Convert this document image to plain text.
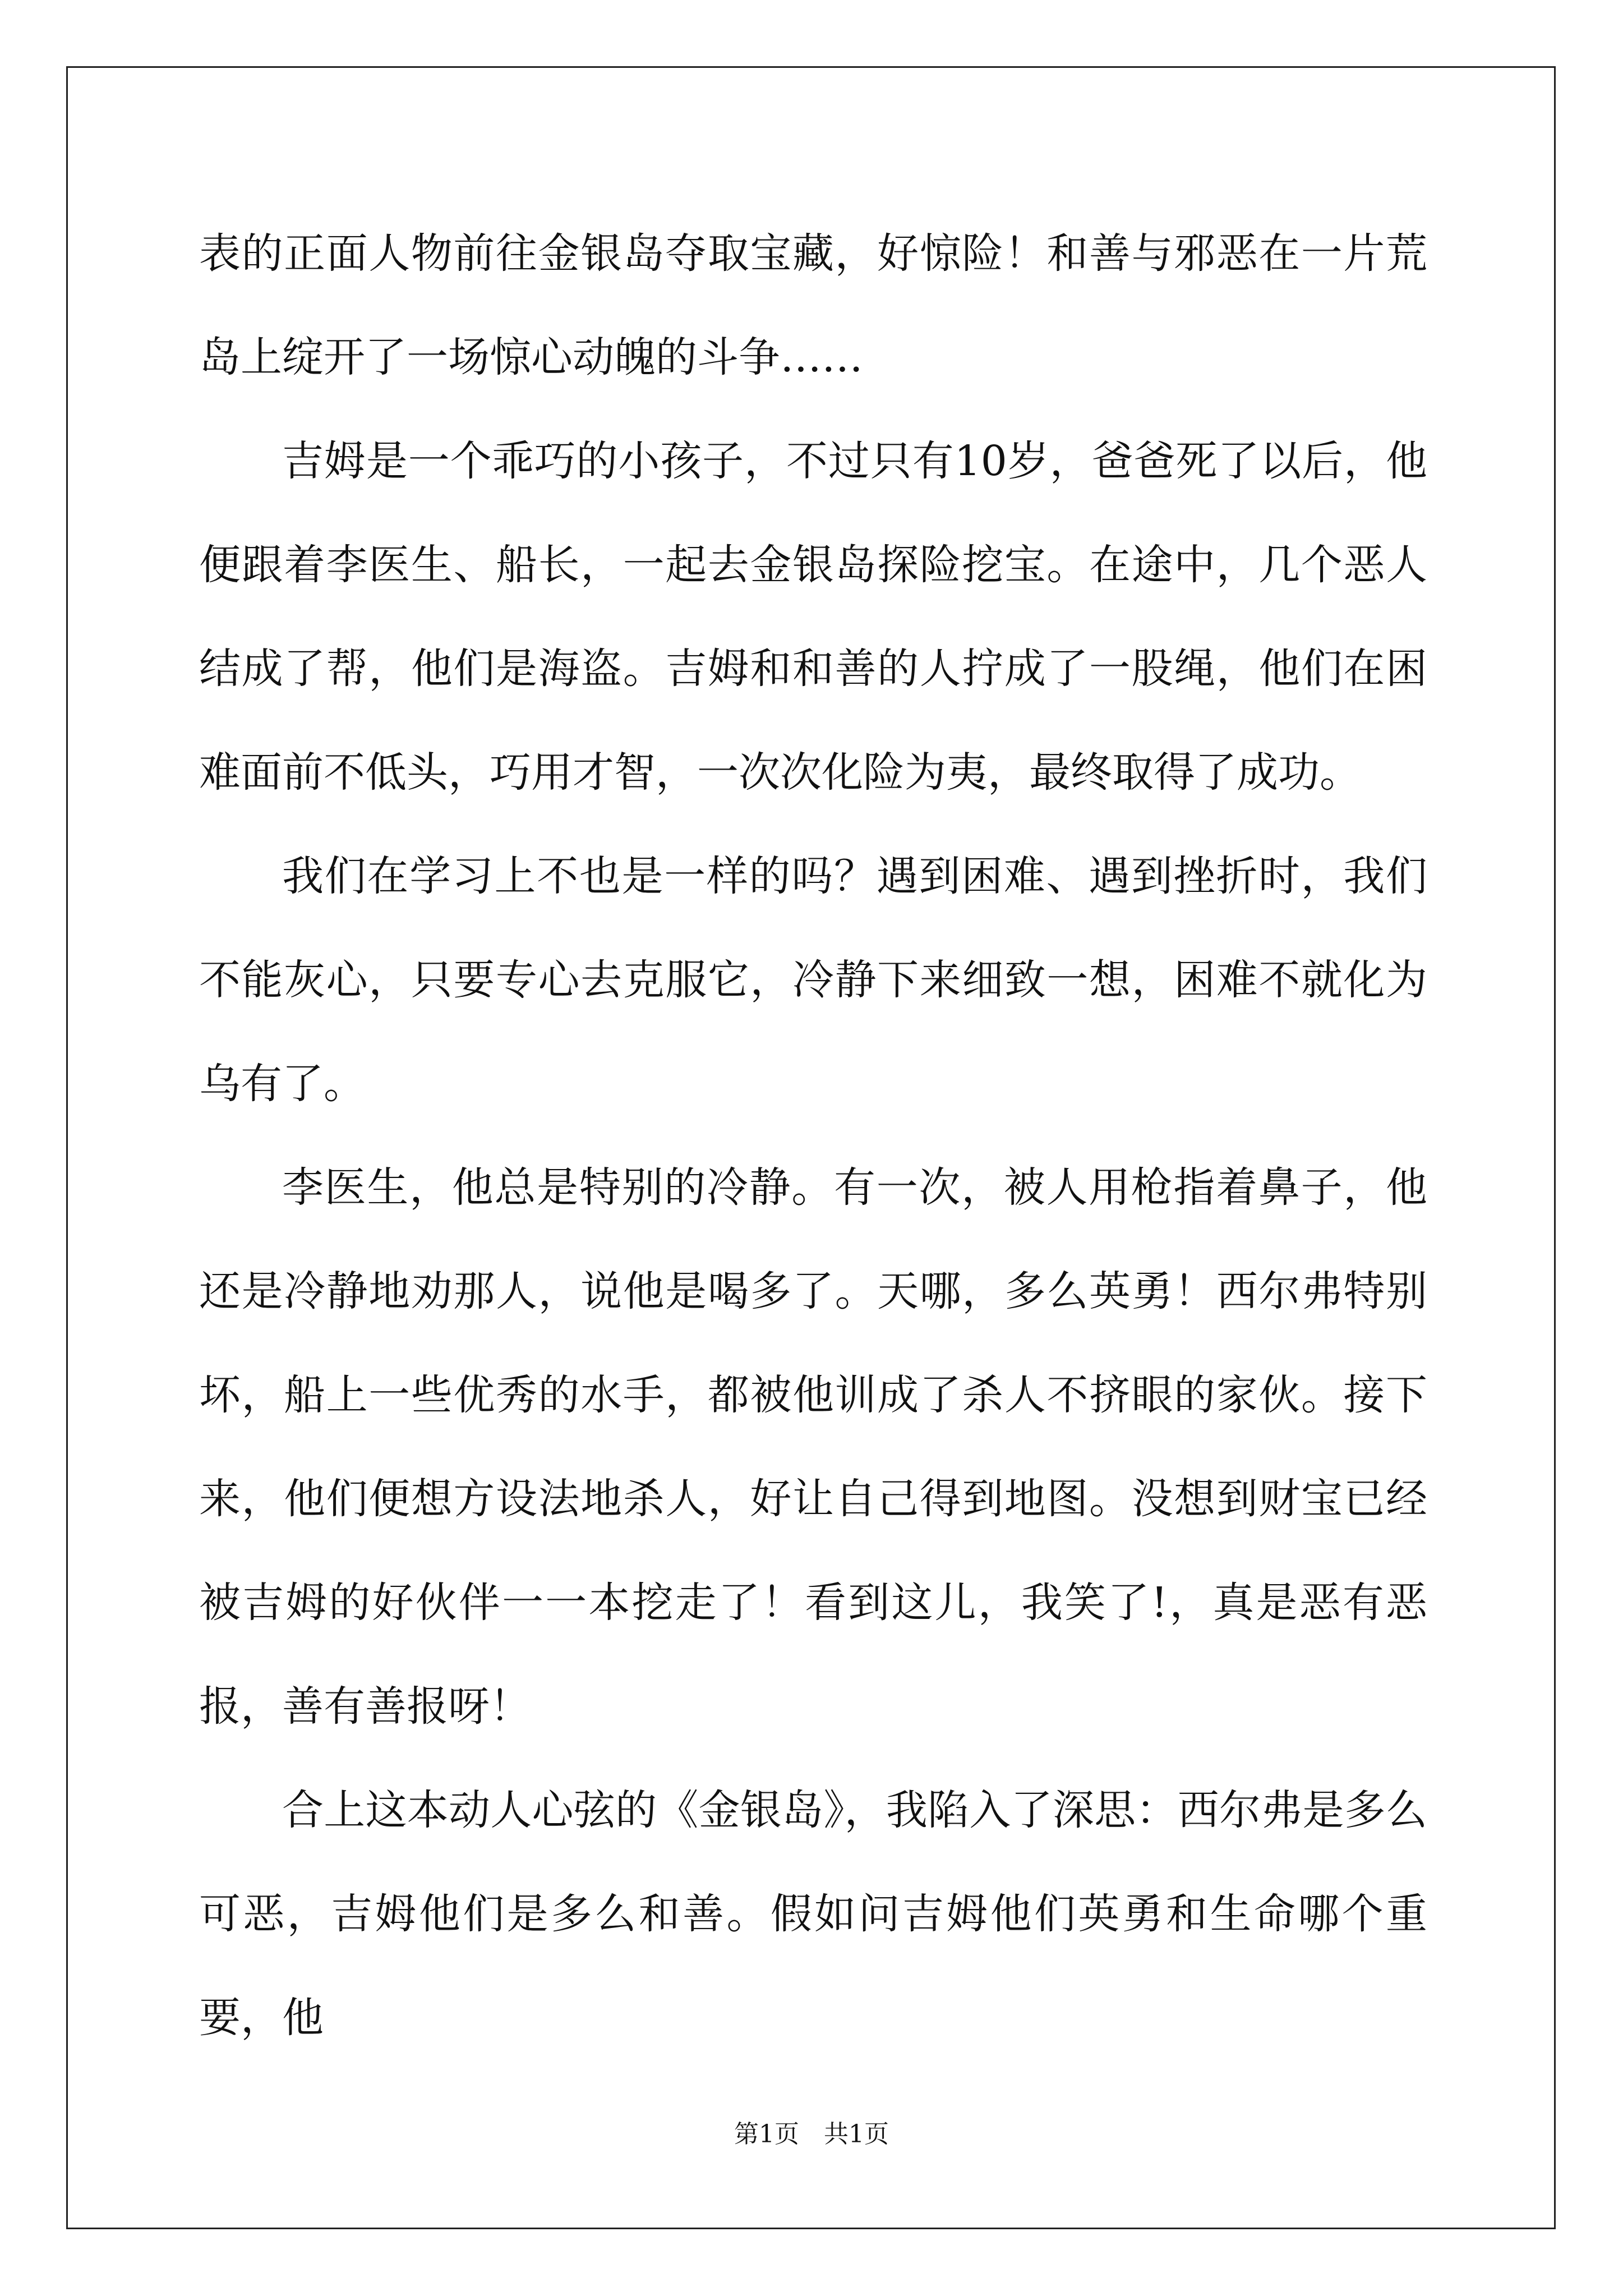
表的正面人物前往金银岛夺取宝藏，好惊险！和善与邪恶在一片荒岛上绽开了一场惊心动魄的斗争……

吉姆是一个乖巧的小孩子，不过只有10岁，爸爸死了以后，他便跟着李医生、船长，一起去金银岛探险挖宝。在途中，几个恶人结成了帮，他们是海盗。吉姆和和善的人拧成了一股绳，他们在困难面前不低头，巧用才智，一次次化险为夷，最终取得了成功。

我们在学习上不也是一样的吗？遇到困难、遇到挫折时，我们不能灰心，只要专心去克服它，冷静下来细致一想，困难不就化为乌有了。

李医生，他总是特别的冷静。有一次，被人用枪指着鼻子，他还是冷静地劝那人，说他是喝多了。天哪，多么英勇！西尔弗特别坏，船上一些优秀的水手，都被他训成了杀人不挤眼的家伙。接下来，他们便想方设法地杀人，好让自己得到地图。没想到财宝已经被吉姆的好伙伴一一本挖走了！看到这儿，我笑了!，真是恶有恶报，善有善报呀！

合上这本动人心弦的《金银岛》，我陷入了深思：西尔弗是多么可恶，吉姆他们是多么和善。假如问吉姆他们英勇和生命哪个重要，他

第1页 共1页
